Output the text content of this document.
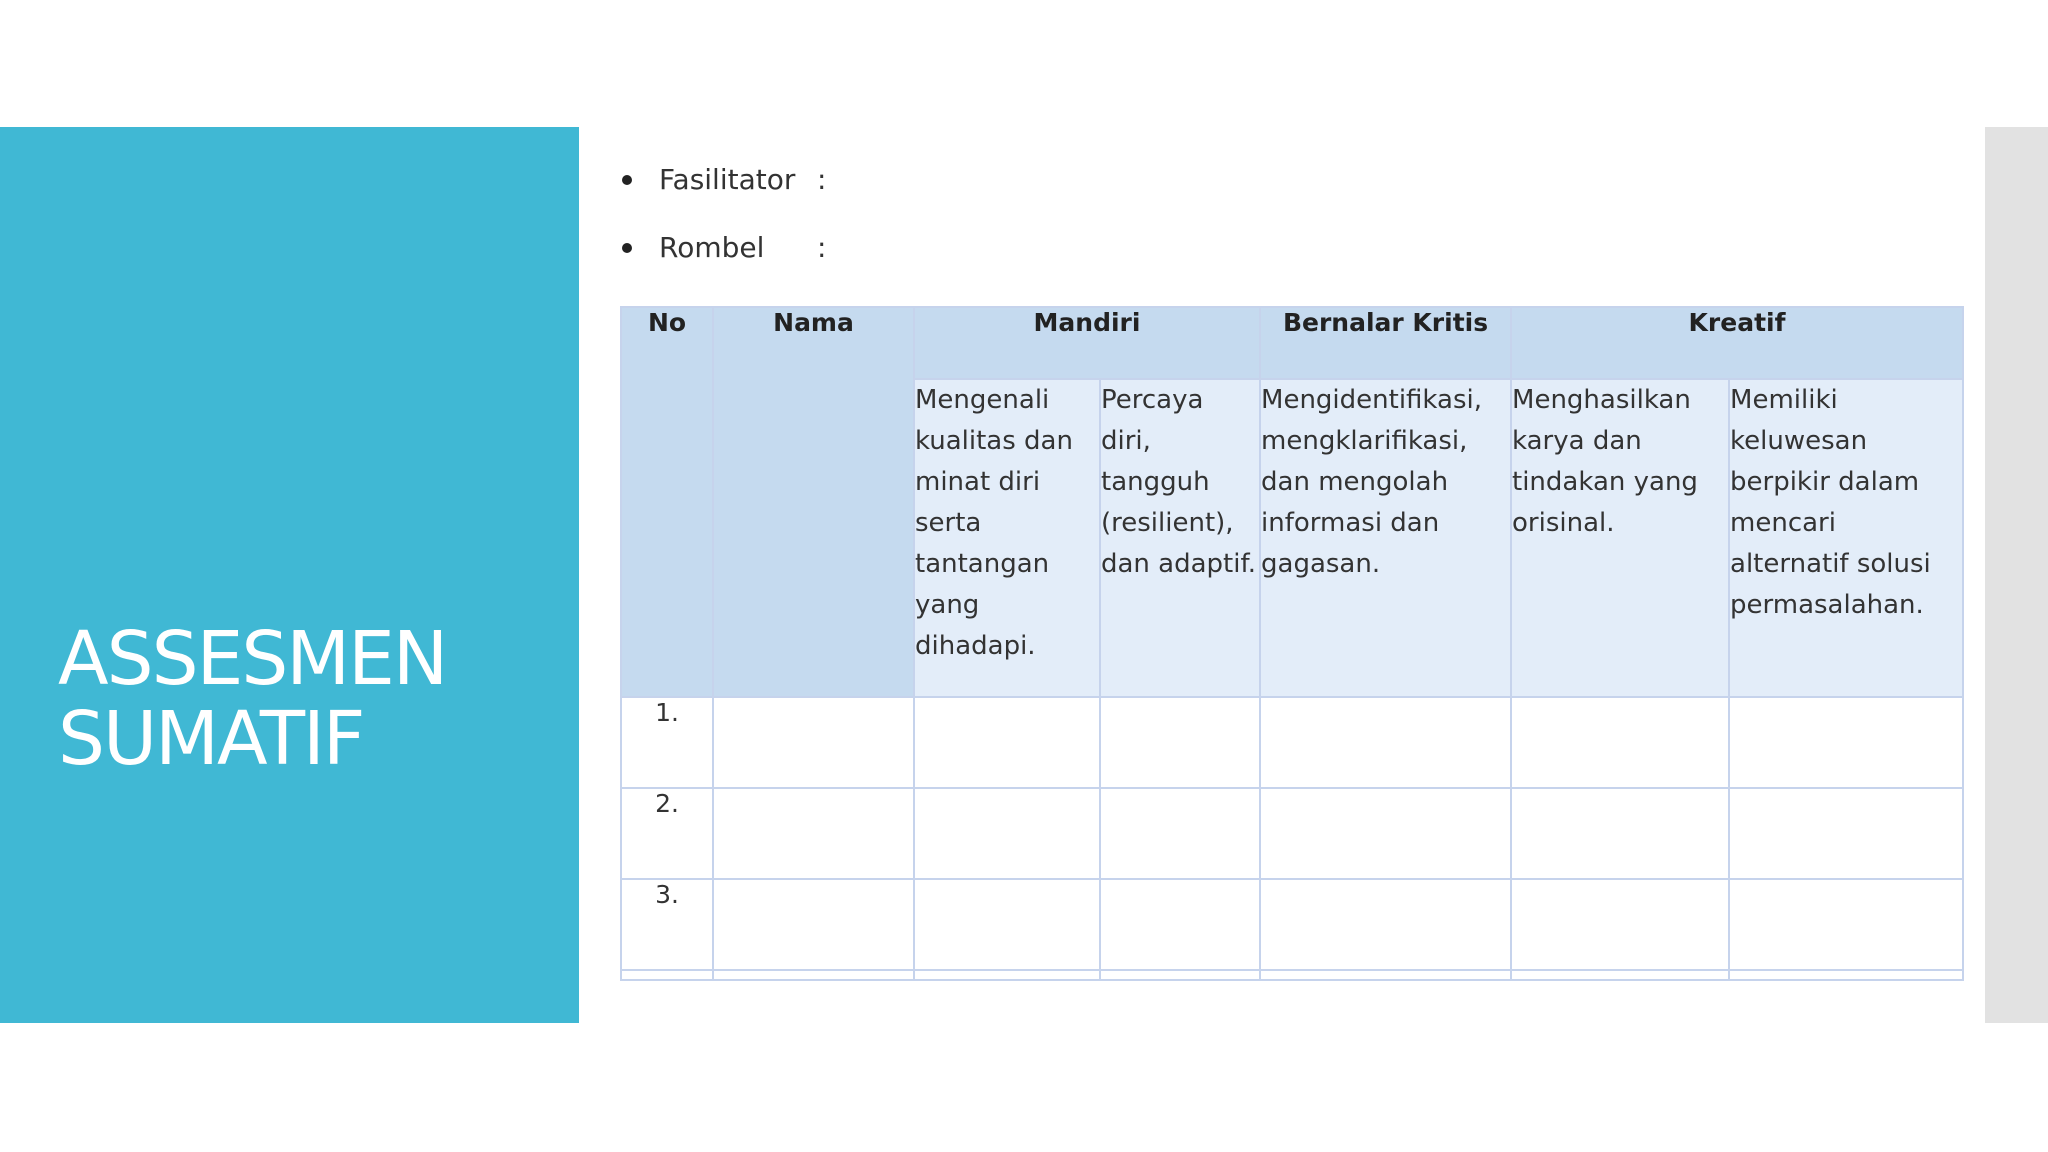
ASSESMEN
SUMATIF
Fasilitator :
Rombel :
No	Nama	Mandiri		Bernalar Kritis	Kreatif	
		Mengenali kualitas dan minat diri serta tantangan yang dihadapi.	Percaya diri, tangguh (resilient), dan adaptif.	Mengidentifikasi, mengklarifikasi, dan mengolah informasi dan gagasan.	Menghasilkan karya dan tindakan yang orisinal.	Memiliki keluwesan berpikir dalam mencari alternatif solusi permasalahan.
1.						
2.						
3.						
